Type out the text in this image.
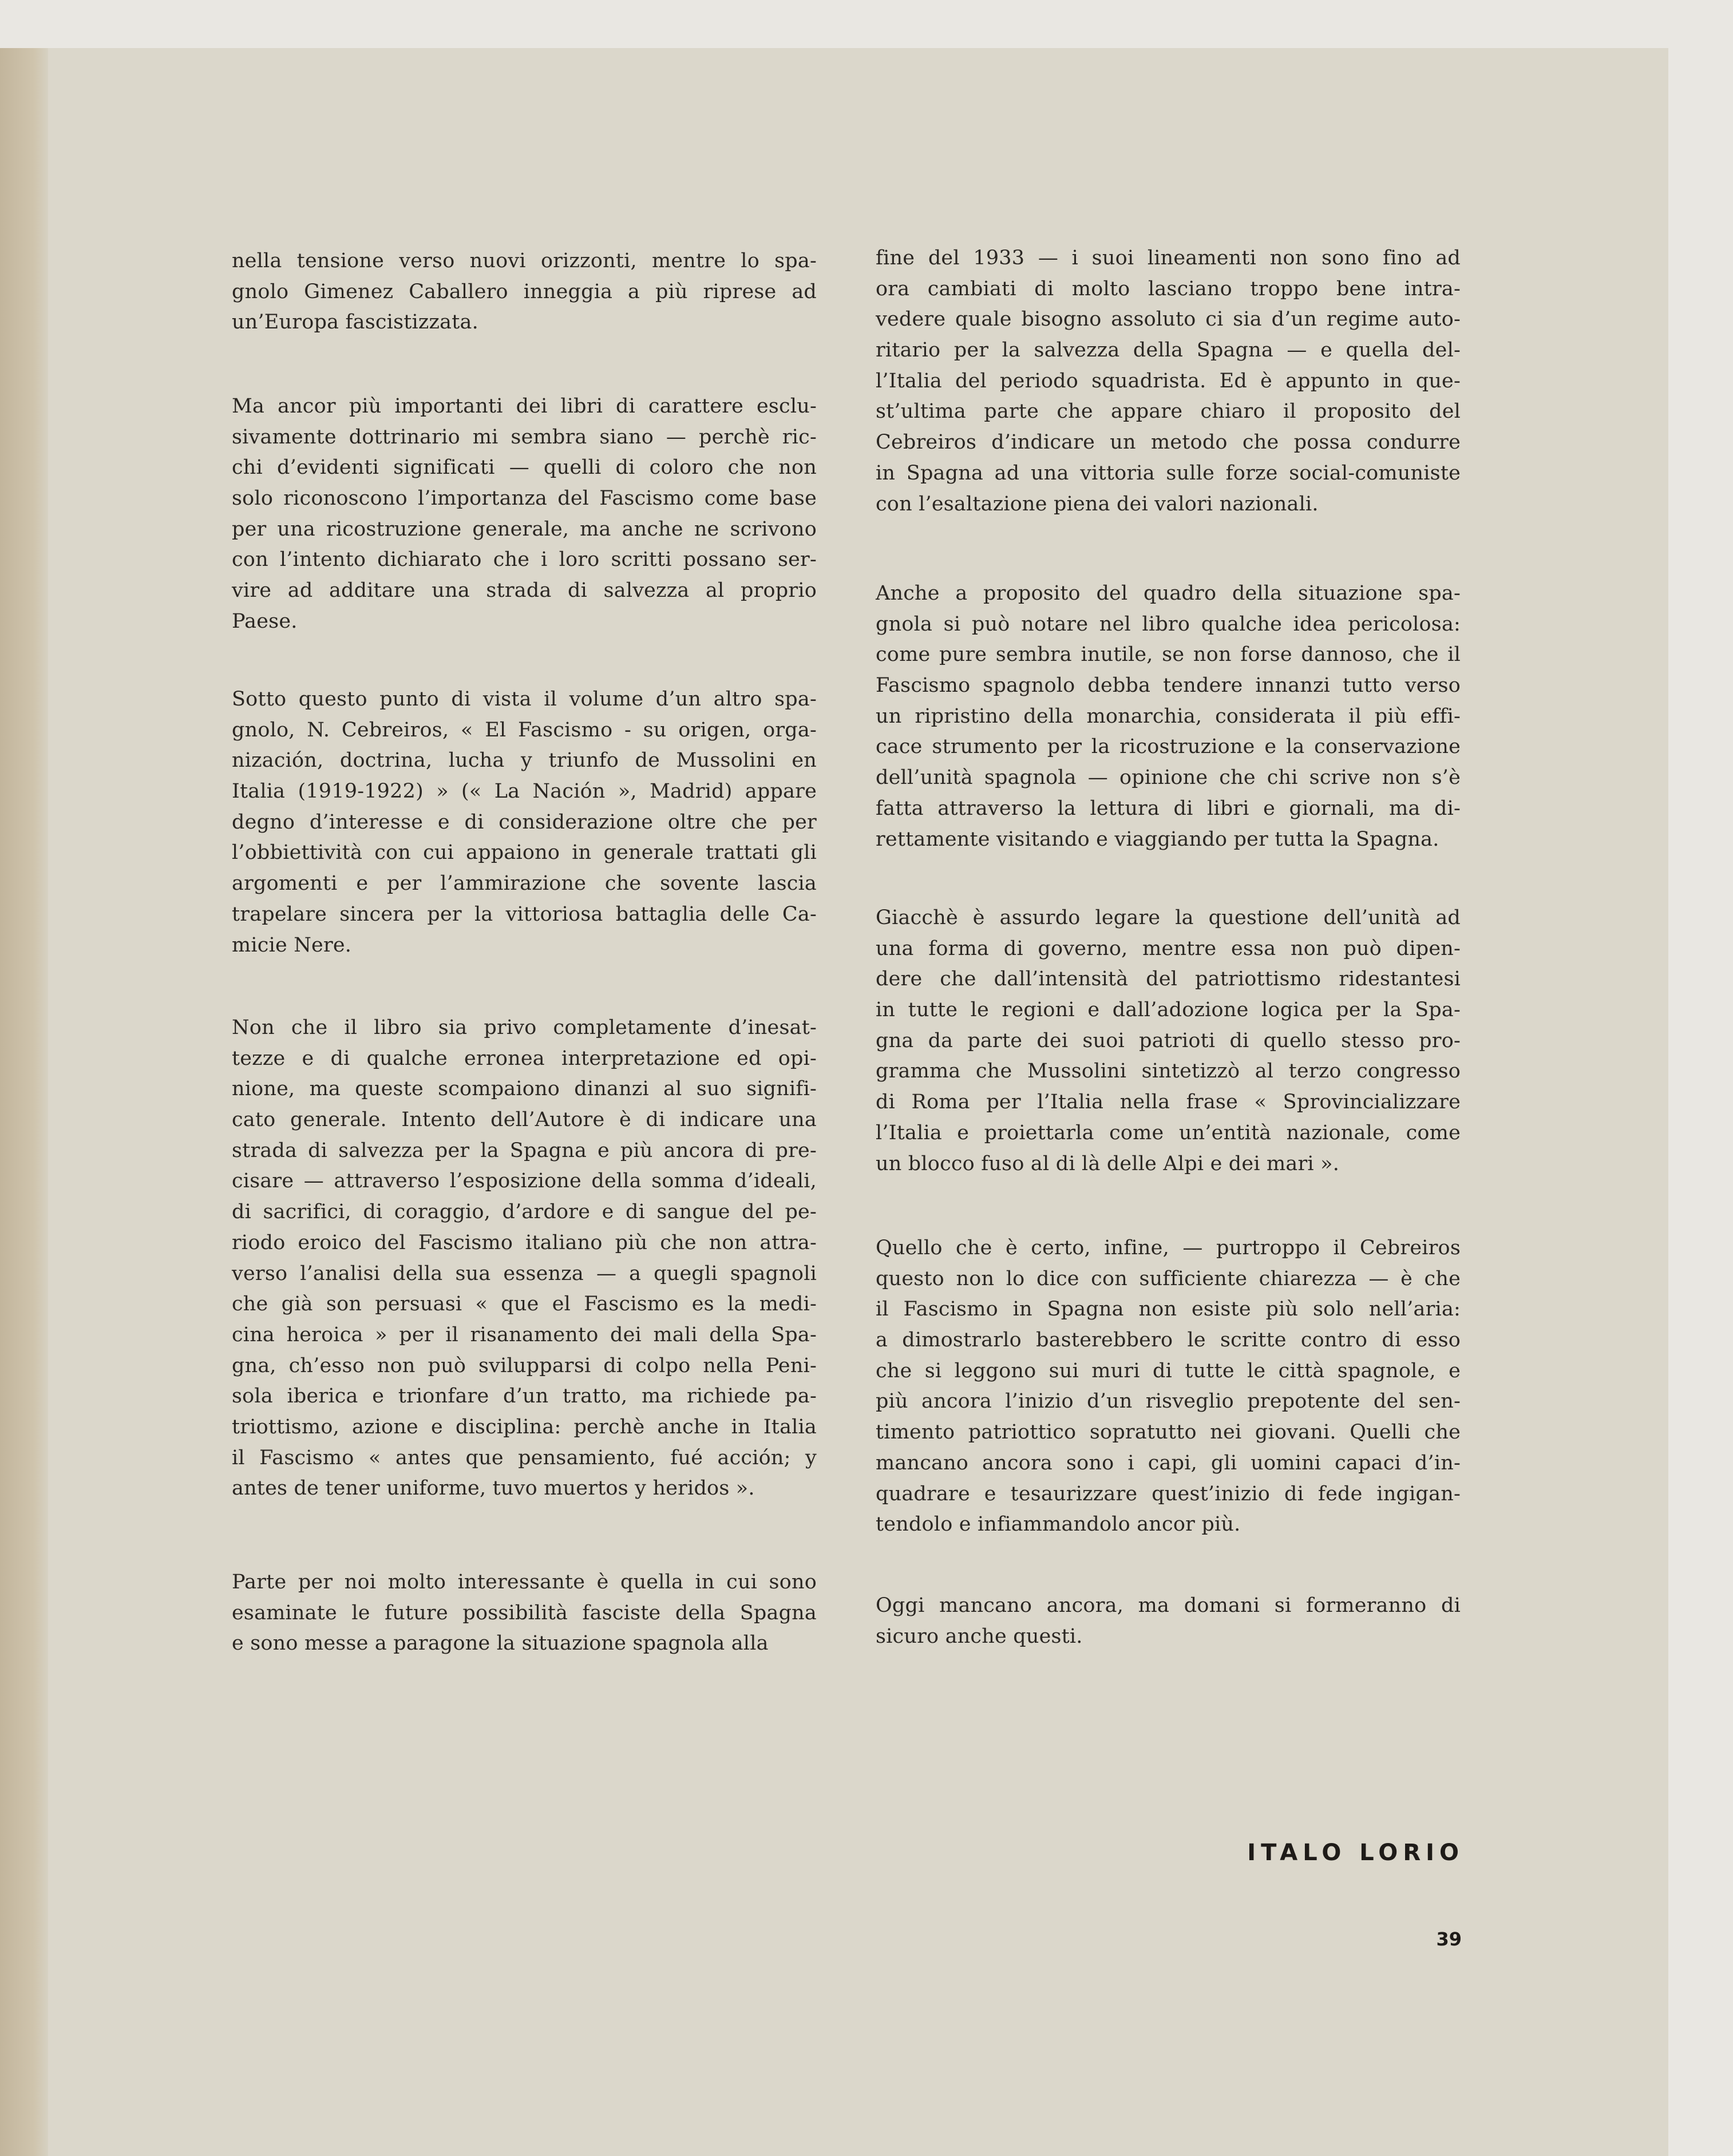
nella tensione verso nuovi orizzonti, mentre lo spa-
gnolo Gimenez Caballero inneggia a più riprese ad
un’Europa fascistizzata.
Ma ancor più importanti dei libri di carattere esclu-
sivamente dottrinario mi sembra siano — perchè ric-
chi d’evidenti significati — quelli di coloro che non
solo riconoscono l’importanza del Fascismo come base
per una ricostruzione generale, ma anche ne scrivono
con l’intento dichiarato che i loro scritti possano ser-
vire ad additare una strada di salvezza al proprio
Paese.
Sotto questo punto di vista il volume d’un altro spa-
gnolo, N. Cebreiros, « El Fascismo - su origen, orga-
nización, doctrina, lucha y triunfo de Mussolini en
Italia (1919-1922) » (« La Nación », Madrid) appare
degno d’interesse e di considerazione oltre che per
l’obbiettività con cui appaiono in generale trattati gli
argomenti e per l’ammirazione che sovente lascia
trapelare sincera per la vittoriosa battaglia delle Ca-
micie Nere.
Non che il libro sia privo completamente d’inesat-
tezze e di qualche erronea interpretazione ed opi-
nione, ma queste scompaiono dinanzi al suo signifi-
cato generale. Intento dell’Autore è di indicare una
strada di salvezza per la Spagna e più ancora di pre-
cisare — attraverso l’esposizione della somma d’ideali,
di sacrifici, di coraggio, d’ardore e di sangue del pe-
riodo eroico del Fascismo italiano più che non attra-
verso l’analisi della sua essenza — a quegli spagnoli
che già son persuasi « que el Fascismo es la medi-
cina heroica » per il risanamento dei mali della Spa-
gna, ch’esso non può svilupparsi di colpo nella Peni-
sola iberica e trionfare d’un tratto, ma richiede pa-
triottismo, azione e disciplina: perchè anche in Italia
il Fascismo « antes que pensamiento, fué acción; y
antes de tener uniforme, tuvo muertos y heridos ».
Parte per noi molto interessante è quella in cui sono
esaminate le future possibilità fasciste della Spagna
e sono messe a paragone la situazione spagnola alla
fine del 1933 — i suoi lineamenti non sono fino ad
ora cambiati di molto lasciano troppo bene intra-
vedere quale bisogno assoluto ci sia d’un regime auto-
ritario per la salvezza della Spagna — e quella del-
l’Italia del periodo squadrista. Ed è appunto in que-
st’ultima parte che appare chiaro il proposito del
Cebreiros d’indicare un metodo che possa condurre
in Spagna ad una vittoria sulle forze social-comuniste
con l’esaltazione piena dei valori nazionali.
Anche a proposito del quadro della situazione spa-
gnola si può notare nel libro qualche idea pericolosa:
come pure sembra inutile, se non forse dannoso, che il
Fascismo spagnolo debba tendere innanzi tutto verso
un ripristino della monarchia, considerata il più effi-
cace strumento per la ricostruzione e la conservazione
dell’unità spagnola — opinione che chi scrive non s’è
fatta attraverso la lettura di libri e giornali, ma di-
rettamente visitando e viaggiando per tutta la Spagna.
Giacchè è assurdo legare la questione dell’unità ad
una forma di governo, mentre essa non può dipen-
dere che dall’intensità del patriottismo ridestantesi
in tutte le regioni e dall’adozione logica per la Spa-
gna da parte dei suoi patrioti di quello stesso pro-
gramma che Mussolini sintetizzò al terzo congresso
di Roma per l’Italia nella frase « Sprovincializzare
l’Italia e proiettarla come un’entità nazionale, come
un blocco fuso al di là delle Alpi e dei mari ».
Quello che è certo, infine, — purtroppo il Cebreiros
questo non lo dice con sufficiente chiarezza — è che
il Fascismo in Spagna non esiste più solo nell’aria:
a dimostrarlo basterebbero le scritte contro di esso
che si leggono sui muri di tutte le città spagnole, e
più ancora l’inizio d’un risveglio prepotente del sen-
timento patriottico sopratutto nei giovani. Quelli che
mancano ancora sono i capi, gli uomini capaci d’in-
quadrare e tesaurizzare quest’inizio di fede ingigan-
tendolo e infiammandolo ancor più.
Oggi mancano ancora, ma domani si formeranno di
sicuro anche questi.
ITALO LORIO
39
